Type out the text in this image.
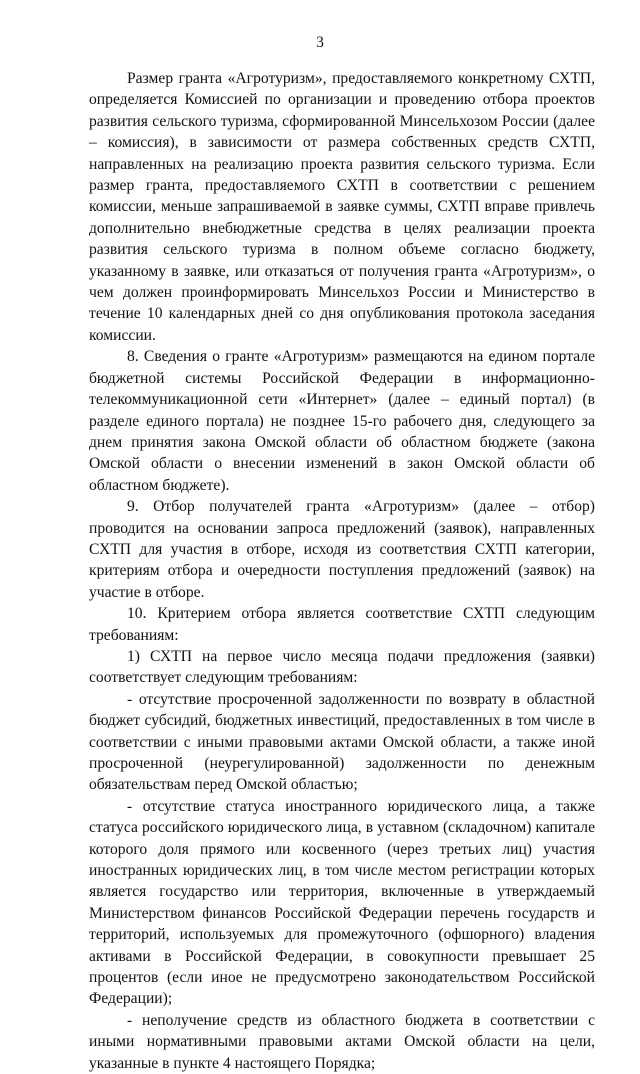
3

Размер гранта «Агротуризм», предоставляемого конкретному СХТП, определяется Комиссией по организации и проведению отбора проектов развития сельского туризма, сформированной Минсельхозом России (далее – комиссия), в зависимости от размера собственных средств СХТП, направленных на реализацию проекта развития сельского туризма. Если размер гранта, предоставляемого СХТП в соответствии с решением комиссии, меньше запрашиваемой в заявке суммы, СХТП вправе привлечь дополнительно внебюджетные средства в целях реализации проекта развития сельского туризма в полном объеме согласно бюджету, указанному в заявке, или отказаться от получения гранта «Агротуризм», о чем должен проинформировать Минсельхоз России и Министерство в течение 10 календарных дней со дня опубликования протокола заседания комиссии.

8. Сведения о гранте «Агротуризм» размещаются на едином портале бюджетной системы Российской Федерации в информационно-телекоммуникационной сети «Интернет» (далее – единый портал) (в разделе единого портала) не позднее 15-го рабочего дня, следующего за днем принятия закона Омской области об областном бюджете (закона Омской области о внесении изменений в закон Омской области об областном бюджете).

9. Отбор получателей гранта «Агротуризм» (далее – отбор) проводится на основании запроса предложений (заявок), направленных СХТП для участия в отборе, исходя из соответствия СХТП категории, критериям отбора и очередности поступления предложений (заявок) на участие в отборе.

10. Критерием отбора является соответствие СХТП следующим требованиям:

1) СХТП на первое число месяца подачи предложения (заявки) соответствует следующим требованиям:

- отсутствие просроченной задолженности по возврату в областной бюджет субсидий, бюджетных инвестиций, предоставленных в том числе в соответствии с иными правовыми актами Омской области, а также иной просроченной (неурегулированной) задолженности по денежным обязательствам перед Омской областью;

- отсутствие статуса иностранного юридического лица, а также статуса российского юридического лица, в уставном (складочном) капитале которого доля прямого или косвенного (через третьих лиц) участия иностранных юридических лиц, в том числе местом регистрации которых является государство или территория, включенные в утверждаемый Министерством финансов Российской Федерации перечень государств и территорий, используемых для промежуточного (офшорного) владения активами в Российской Федерации, в совокупности превышает 25 процентов (если иное не предусмотрено законодательством Российской Федерации);

- неполучение средств из областного бюджета в соответствии с иными нормативными правовыми актами Омской области на цели, указанные в пункте 4 настоящего Порядка;
